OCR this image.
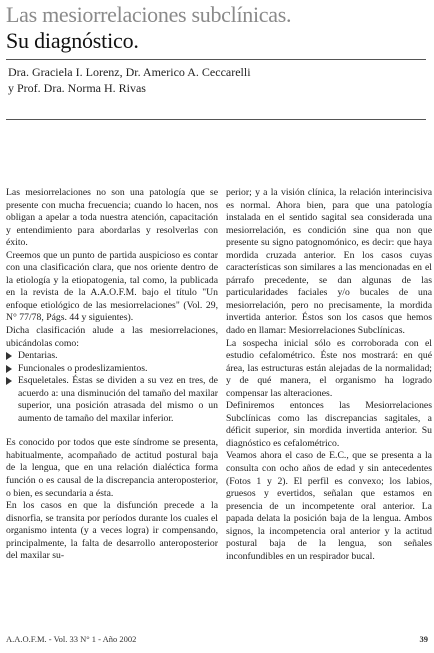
Las mesiorrelaciones subclínicas.
Su diagnóstico.
Dra. Graciela I. Lorenz, Dr. Americo A. Ceccarelli
y Prof. Dra. Norma H. Rivas

Las mesiorrelaciones no son una patología que se presente con mucha frecuencia; cuando lo hacen, nos obligan a apelar a toda nuestra atención, capacitación y entendimiento para abordarlas y resolverlas con éxito.

Creemos que un punto de partida auspicioso es contar con una clasificación clara, que nos oriente dentro de la etiología y la etiopatogenia, tal como, la publicada en la revista de la A.A.O.F.M. bajo el título "Un enfoque etiológico de las mesiorrelaciones" (Vol. 29, N° 77/78, Págs. 44 y siguientes).

Dicha clasificación alude a las mesiorrelaciones, ubicándolas como:

Dentarias.
Funcionales o prodeslizamientos.
Esqueletales. Éstas se dividen a su vez en tres, de acuerdo a: una disminución del tamaño del maxilar superior, una posición atrasada del mismo o un aumento de tamaño del maxilar inferior.

Es conocido por todos que este síndrome se presenta, habitualmente, acompañado de actitud postural baja de la lengua, que en una relación dialéctica forma función o es causal de la discrepancia anteroposterior, o bien, es secundaria a ésta.

En los casos en que la disfunción precede a la disnorfia, se transita por períodos durante los cuales el organismo intenta (y a veces logra) ir compensando, principalmente, la falta de desarrollo anteroposterior del maxilar su-

perior; y a la visión clínica, la relación interincisiva es normal. Ahora bien, para que una patología instalada en el sentido sagital sea considerada una mesiorrelación, es condición sine qua non que presente su signo patognomónico, es decir: que haya mordida cruzada anterior. En los casos cuyas características son similares a las mencionadas en el párrafo precedente, se dan algunas de las particularidades faciales y/o bucales de una mesiorrelación, pero no precisamente, la mordida invertida anterior. Éstos son los casos que hemos dado en llamar: Mesiorrelaciones Subclínicas.

La sospecha inicial sólo es corroborada con el estudio cefalométrico. Éste nos mostrará: en qué área, las estructuras están alejadas de la normalidad; y de qué manera, el organismo ha logrado compensar las alteraciones.

Definiremos entonces las Mesiorrelaciones Subclínicas como las discrepancias sagitales, a déficit superior, sin mordida invertida anterior. Su diagnóstico es cefalométrico.

Veamos ahora el caso de E.C., que se presenta a la consulta con ocho años de edad y sin antecedentes (Fotos 1 y 2). El perfil es convexo; los labios, gruesos y evertidos, señalan que estamos en presencia de un incompetente oral anterior. La papada delata la posición baja de la lengua. Ambos signos, la incompetencia oral anterior y la actitud postural baja de la lengua, son señales inconfundibles en un respirador bucal.

A.A.O.F.M. - Vol. 33 N° 1 - Año 2002	39
